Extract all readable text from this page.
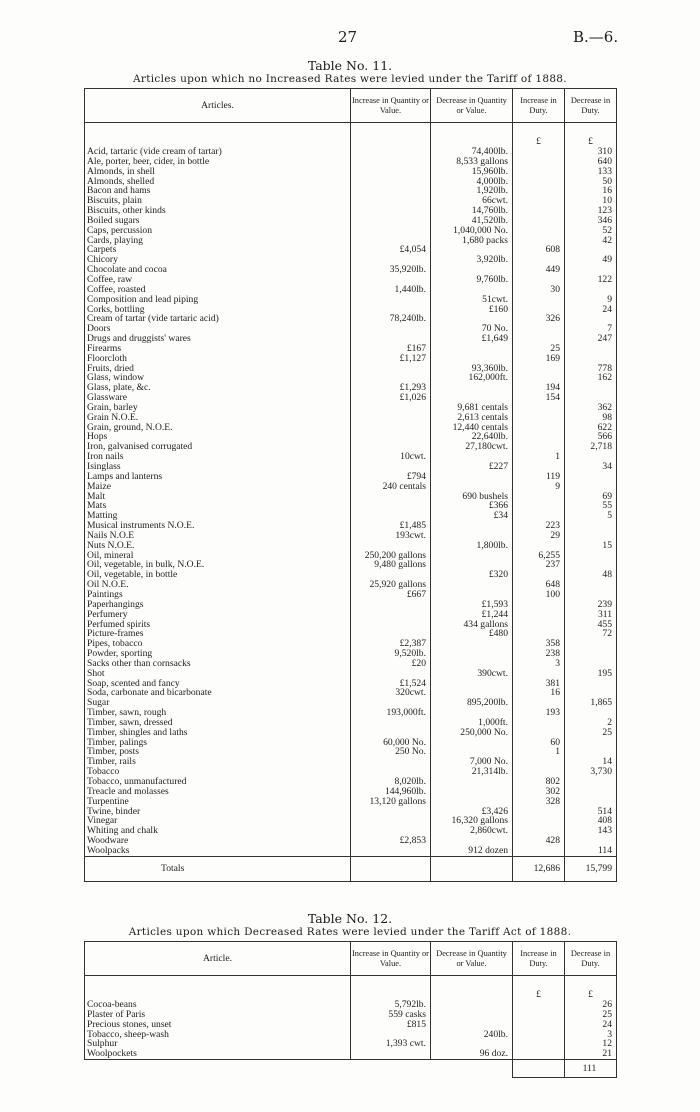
27	B.—6.
Table No. 11.
Articles upon which no Increased Rates were levied under the Tariff of 1888.
Articles.	Increase in Quantity or Value.	Decrease in Quantity or Value.	Increase in Duty.	Decrease in Duty.

			£	£
Acid, tartaric (vide cream of tartar)		74,400lb.		310
Ale, porter, beer, cider, in bottle		8,533 gallons		640
Almonds, in shell		15,960lb.		133
Almonds, shelled		4,000lb.		50
Bacon and hams		1,920lb.		16
Biscuits, plain		66cwt.		10
Biscuits, other kinds		14,760lb.		123
Boiled sugars		41,520lb.		346
Caps, percussion		1,040,000 No.		52
Cards, playing		1,680 packs		42
Carpets	£4,054		608	
Chicory		3,920lb.		49
Chocolate and cocoa	35,920lb.		449	
Coffee, raw		9,760lb.		122
Coffee, roasted	1,440lb.		30	
Composition and lead piping		51cwt.		9
Corks, bottling		£160		24
Cream of tartar (vide tartaric acid)	78,240lb.		326	
Doors		70 No.		7
Drugs and druggists' wares		£1,649		247
Firearms	£167		25	
Floorcloth	£1,127		169	
Fruits, dried		93,360lb.		778
Glass, window		162,000ft.		162
Glass, plate, &c.	£1,293		194	
Glassware	£1,026		154	
Grain, barley		9,681 centals		362
Grain N.O.E.		2,613 centals		98
Grain, ground, N.O.E.		12,440 centals		622
Hops		22,640lb.		566
Iron, galvanised corrugated		27,180cwt.		2,718
Iron nails	10cwt.		1	
Isinglass		£227		34
Lamps and lanterns	£794		119	
Maize	240 centals		9	
Malt		690 bushels		69
Mats		£366		55
Matting		£34		5
Musical instruments N.O.E.	£1,485		223	
Nails N.O.E	193cwt.		29	
Nuts N.O.E.		1,800lb.		15
Oil, mineral	250,200 gallons		6,255	
Oil, vegetable, in bulk, N.O.E.	9,480 gallons		237	
Oil, vegetable, in bottle		£320		48
Oil N.O.E.	25,920 gallons		648	
Paintings	£667		100	
Paperhangings		£1,593		239
Perfumery		£1,244		311
Perfumed spirits		434 gallons		455
Picture-frames		£480		72
Pipes, tobacco	£2,387		358	
Powder, sporting	9,520lb.		238	
Sacks other than cornsacks	£20		3	
Shot		390cwt.		195
Soap, scented and fancy	£1,524		381	
Soda, carbonate and bicarbonate	320cwt.		16	
Sugar		895,200lb.		1,865
Timber, sawn, rough	193,000ft.		193	
Timber, sawn, dressed		1,000ft.		2
Timber, shingles and laths		250,000 No.		25
Timber, palings	60,000 No.		60	
Timber, posts	250 No.		1	
Timber, rails		7,000 No.		14
Tobacco		21,314lb.		3,730
Tobacco, unmanufactured	8,020lb.		802	
Treacle and molasses	144,960lb.		302	
Turpentine	13,120 gallons		328	
Twine, binder		£3,426		514
Vinegar		16,320 gallons		408
Whiting and chalk		2,860cwt.		143
Woodware	£2,853		428	
Woolpacks		912 dozen		114
Totals			12,686	15,799
Table No. 12.
Articles upon which Decreased Rates were levied under the Tariff Act of 1888.
Article.	Increase in Quantity or Value.	Decrease in Quantity or Value.	Increase in Duty.	Decrease in Duty.

			£	£
Cocoa-beans	5,792lb.			26
Plaster of Paris	559 casks			25
Precious stones, unset	£815			24
Tobacco, sheep-wash		240lb.		3
Sulphur	1,393 cwt.			12
Woolpockets		96 doz.		21
				111
